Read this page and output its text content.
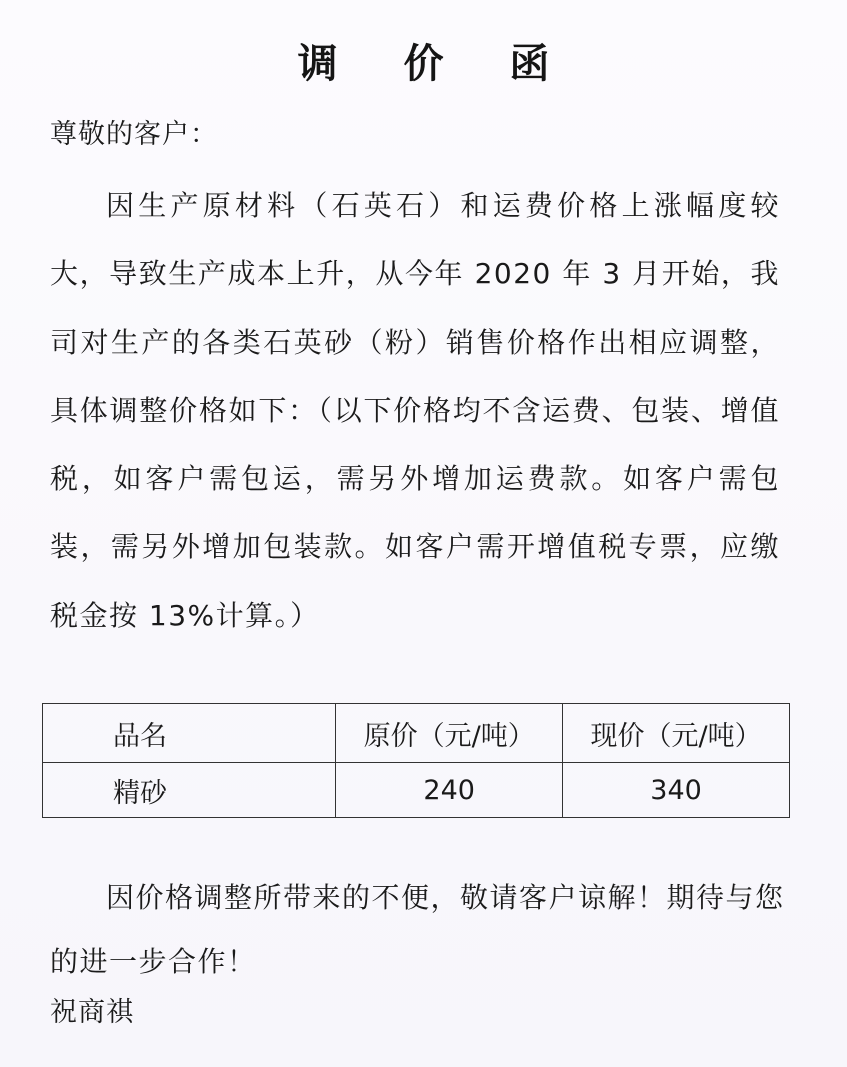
调 价 函
尊敬的客户：

因生产原材料（石英石）和运费价格上涨幅度较大，导致生产成本上升，从今年 2020 年 3 月开始，我司对生产的各类石英砂（粉）销售价格作出相应调整，具体调整价格如下：（以下价格均不含运费、包装、增值税，如客户需包运，需另外增加运费款。如客户需包装，需另外增加包装款。如客户需开增值税专票，应缴税金按 13%计算。）

品名	原价（元/吨）	现价（元/吨）
精砂	240	340

因价格调整所带来的不便，敬请客户谅解！期待与您的进一步合作！

祝商祺
